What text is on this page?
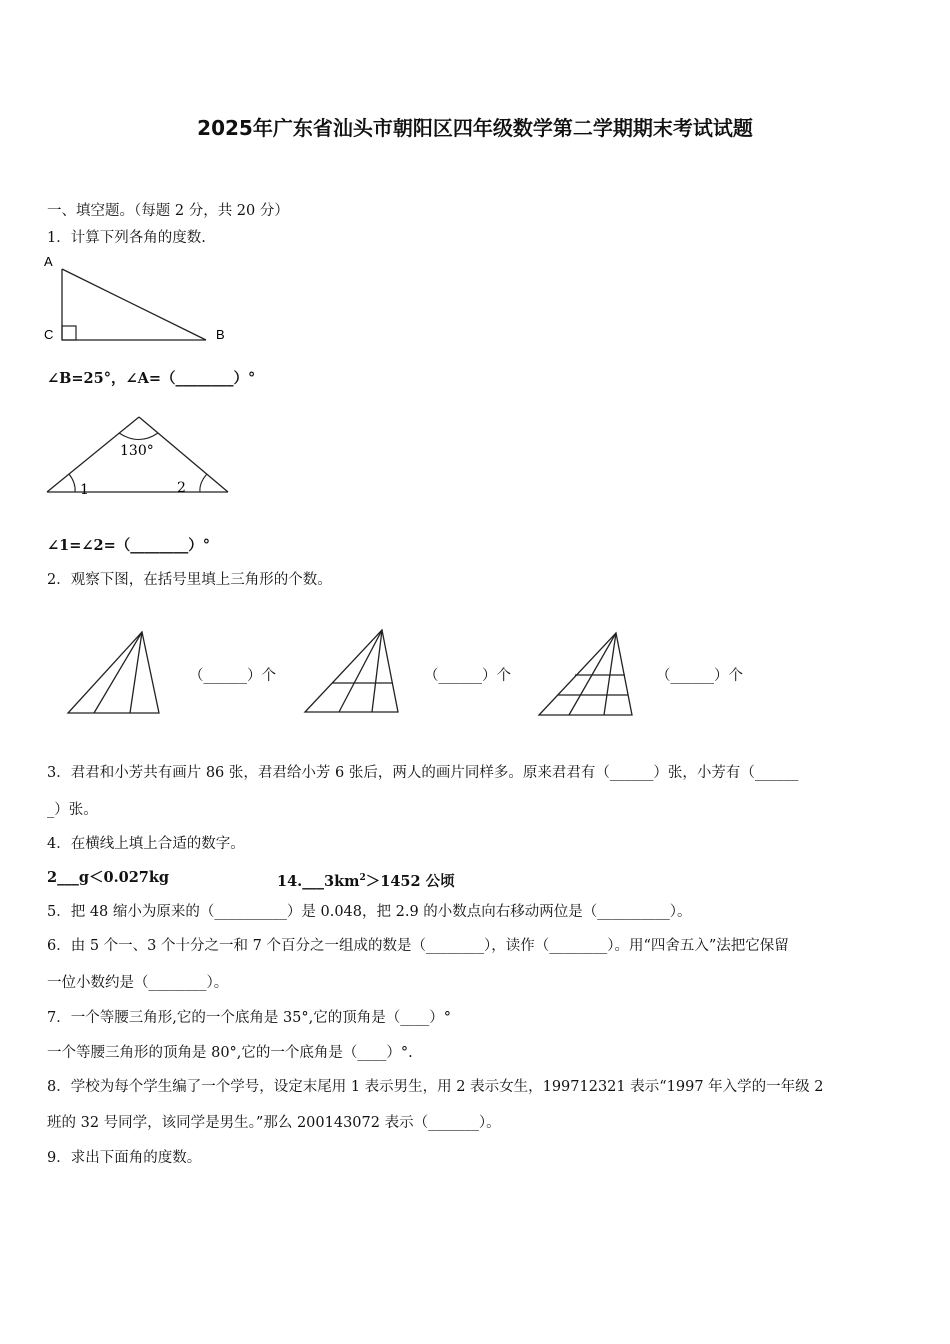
2025年广东省汕头市朝阳区四年级数学第二学期期末考试试题
一、填空题。（每题 2 分，共 20 分）
1．计算下列各角的度数.
A
C	B
130°
1	2
∠B=25°，∠A=（________）°
∠1=∠2=（________）°
2．观察下图，在括号里填上三角形的个数。
（______）个	（______）个	（______）个
3．君君和小芳共有画片 86 张，君君给小芳 6 张后，两人的画片同样多。原来君君有（______）张，小芳有（______
_）张。
4．在横线上填上合适的数字。
2___g＜0.027kg	$14.\_\_\_3km^2>1452$ 公顷
5．把 48 缩小为原来的（__________）是 0.048，把 2.9 的小数点向右移动两位是（__________）。
6．由 5 个一、3 个十分之一和 7 个百分之一组成的数是（________），读作（________）。用“四舍五入”法把它保留
一位小数约是（________）。
7．一个等腰三角形,它的一个底角是 35°,它的顶角是（____）°
一个等腰三角形的顶角是 80°,它的一个底角是（____）°.
8．学校为每个学生编了一个学号，设定末尾用 1 表示男生，用 2 表示女生，199712321 表示“1997 年入学的一年级 2
班的 32 号同学，该同学是男生。”那么 200143072 表示（_______）。
9．求出下面角的度数。
